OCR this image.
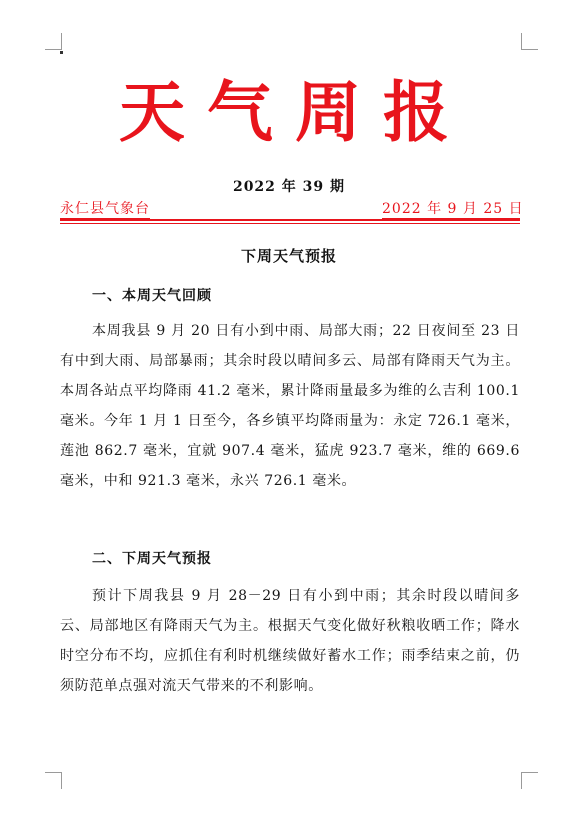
天气周报
2022 年 39 期
永仁县气象台	2022 年 9 月 25 日
下周天气预报
一、本周天气回顾
本周我县 9 月 20 日有小到中雨、局部大雨；22 日夜间至 23 日有中到大雨、局部暴雨；其余时段以晴间多云、局部有降雨天气为主。本周各站点平均降雨 41.2 毫米，累计降雨量最多为维的么吉利 100.1 毫米。今年 1 月 1 日至今，各乡镇平均降雨量为：永定 726.1 毫米，莲池 862.7 毫米，宜就 907.4 毫米，猛虎 923.7 毫米，维的 669.6 毫米，中和 921.3 毫米，永兴 726.1 毫米。
二、下周天气预报
预计下周我县 9 月 28－29 日有小到中雨；其余时段以晴间多云、局部地区有降雨天气为主。根据天气变化做好秋粮收晒工作；降水时空分布不均，应抓住有利时机继续做好蓄水工作；雨季结束之前，仍须防范单点强对流天气带来的不利影响。
